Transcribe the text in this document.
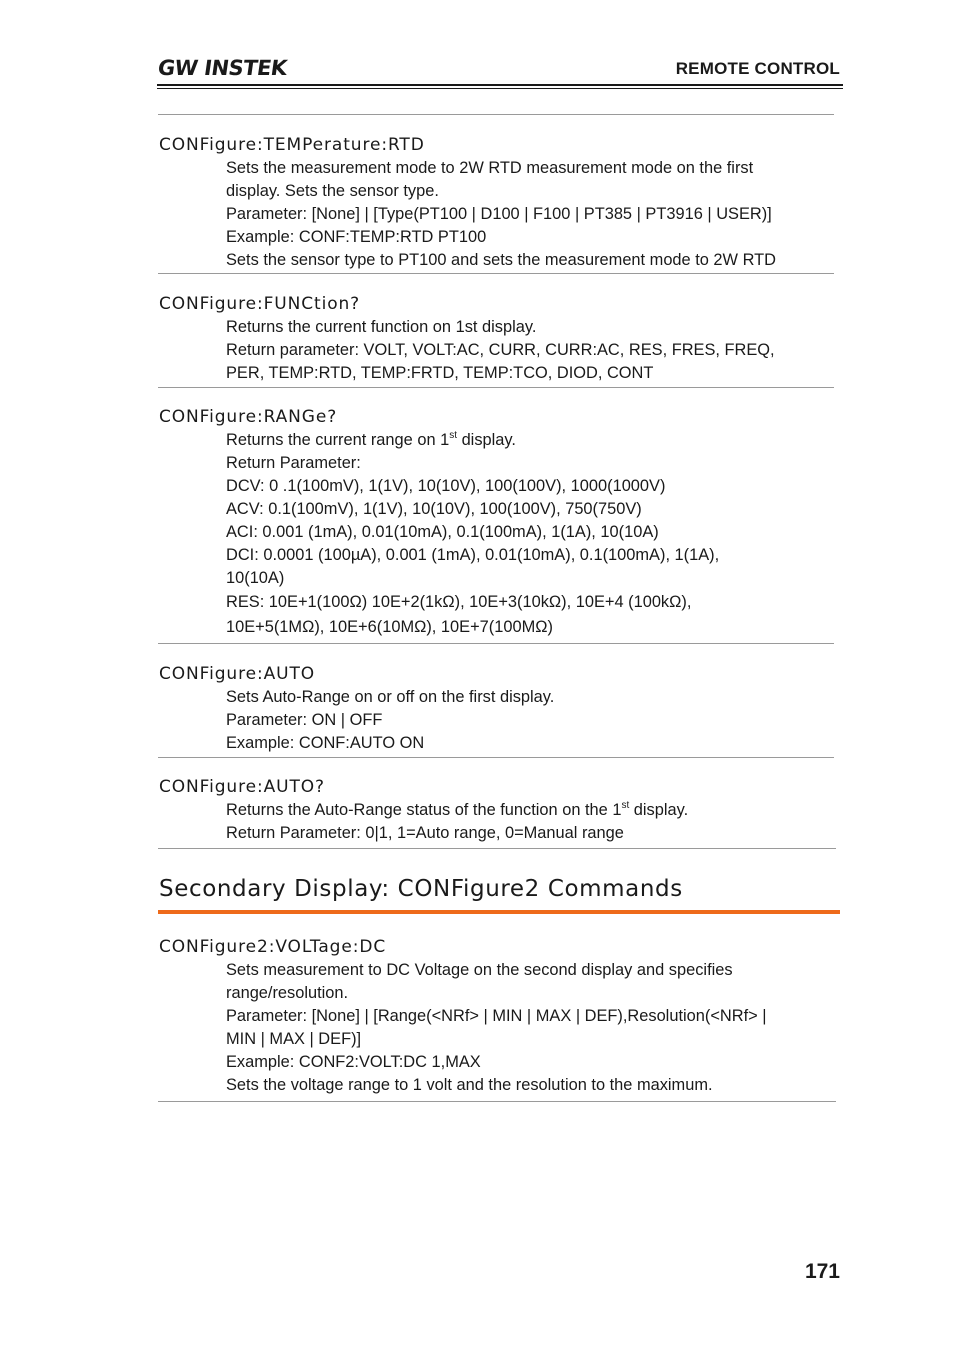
GW INSTEK	REMOTE CONTROL
CONFigure:TEMPerature:RTD
Sets the measurement mode to 2W RTD measurement mode on the first
display. Sets the sensor type.
Parameter: [None] | [Type(PT100 | D100 | F100 | PT385 | PT3916 | USER)]
Example: CONF:TEMP:RTD PT100
Sets the sensor type to PT100 and sets the measurement mode to 2W RTD
CONFigure:FUNCtion?
Returns the current function on 1st display.
Return parameter: VOLT, VOLT:AC, CURR, CURR:AC, RES, FRES, FREQ,
PER, TEMP:RTD, TEMP:FRTD, TEMP:TCO, DIOD, CONT
CONFigure:RANGe?
Returns the current range on 1st display.
Return Parameter:
DCV: 0 .1(100mV), 1(1V), 10(10V), 100(100V), 1000(1000V)
ACV: 0.1(100mV), 1(1V), 10(10V), 100(100V), 750(750V)
ACI: 0.001 (1mA), 0.01(10mA), 0.1(100mA), 1(1A), 10(10A)
DCI: 0.0001 (100µA), 0.001 (1mA), 0.01(10mA), 0.1(100mA), 1(1A),
10(10A)
RES: 10E+1(100Ω) 10E+2(1kΩ), 10E+3(10kΩ), 10E+4 (100kΩ),
10E+5(1MΩ), 10E+6(10MΩ), 10E+7(100MΩ)
CONFigure:AUTO
Sets Auto-Range on or off on the first display.
Parameter: ON | OFF
Example: CONF:AUTO ON
CONFigure:AUTO?
Returns the Auto-Range status of the function on the 1st display.
Return Parameter: 0|1, 1=Auto range, 0=Manual range
Secondary Display: CONFigure2 Commands
CONFigure2:VOLTage:DC
Sets measurement to DC Voltage on the second display and specifies
range/resolution.
Parameter: [None] | [Range(<NRf> | MIN | MAX | DEF),Resolution(<NRf> |
MIN | MAX | DEF)]
Example: CONF2:VOLT:DC 1,MAX
Sets the voltage range to 1 volt and the resolution to the maximum.
171
